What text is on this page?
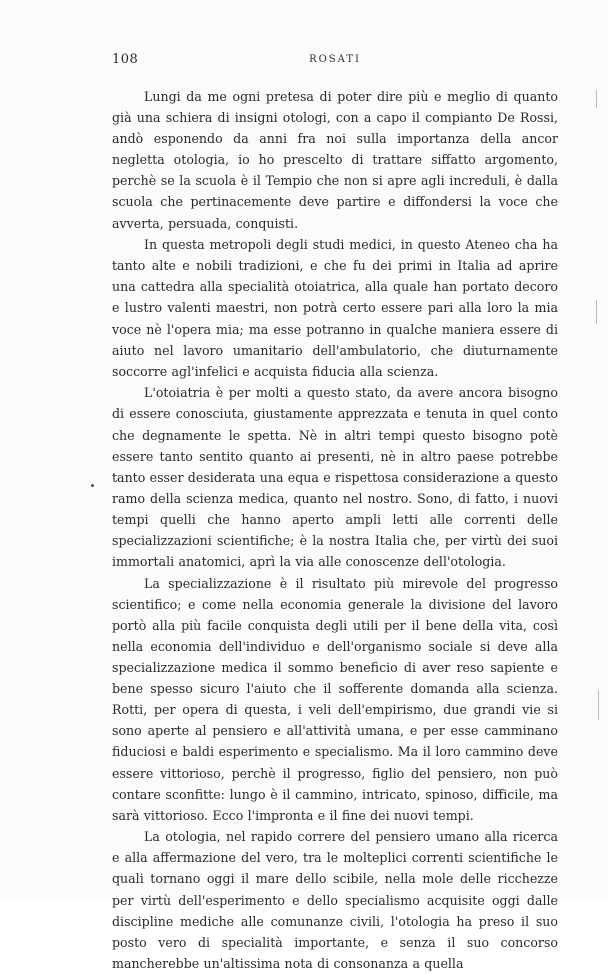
108	ROSATI

Lungi da me ogni pretesa di poter dire più e meglio di quanto già una schiera di insigni otologi, con a capo il compianto De Rossi, andò esponendo da anni fra noi sulla importanza della ancor negletta otologia, io ho prescelto di trattare siffatto argomento, perchè se la scuola è il Tempio che non si apre agli increduli, è dalla scuola che pertinacemente deve partire e diffondersi la voce che avverta, persuada, conquisti.

In questa metropoli degli studi medici, in questo Ateneo cha ha tanto alte e nobili tradizioni, e che fu dei primi in Italia ad aprire una cattedra alla specialità otoiatrica, alla quale han portato decoro e lustro valenti maestri, non potrà certo essere pari alla loro la mia voce nè l'opera mia; ma esse potranno in qualche maniera essere di aiuto nel lavoro umanitario dell'ambulatorio, che diuturnamente soccorre agl'infelici e acquista fiducia alla scienza.

L'otoiatria è per molti a questo stato, da avere ancora bisogno di essere conosciuta, giustamente apprezzata e tenuta in quel conto che degnamente le spetta. Nè in altri tempi questo bisogno potè essere tanto sentito quanto ai presenti, nè in altro paese potrebbe tanto esser desiderata una equa e rispettosa considerazione a questo ramo della scienza medica, quanto nel nostro. Sono, di fatto, i nuovi tempi quelli che hanno aperto ampli letti alle correnti delle specializzazioni scientifiche; è la nostra Italia che, per virtù dei suoi immortali anatomici, aprì la via alle conoscenze dell'otologia.

La specializzazione è il risultato più mirevole del progresso scientifico; e come nella economia generale la divisione del lavoro portò alla più facile conquista degli utili per il bene della vita, così nella economia dell'individuo e dell'organismo sociale si deve alla specializzazione medica il sommo beneficio di aver reso sapiente e bene spesso sicuro l'aiuto che il sofferente domanda alla scienza. Rotti, per opera di questa, i veli dell'empirismo, due grandi vie si sono aperte al pensiero e all'attività umana, e per esse camminano fiduciosi e baldi esperimento e specialismo. Ma il loro cammino deve essere vittorioso, perchè il progresso, figlio del pensiero, non può contare sconfitte: lungo è il cammino, intricato, spinoso, difficile, ma sarà vittorioso. Ecco l'impronta e il fine dei nuovi tempi.

La otologia, nel rapido correre del pensiero umano alla ricerca e alla affermazione del vero, tra le molteplici correnti scientifiche le quali tornano oggi il mare dello scibile, nella mole delle ricchezze per virtù dell'esperimento e dello specialismo acquisite oggi dalle discipline mediche alle comunanze civili, l'otologia ha preso il suo posto vero di specialità importante, e senza il suo concorso mancherebbe un'altissima nota di consonanza a quella
